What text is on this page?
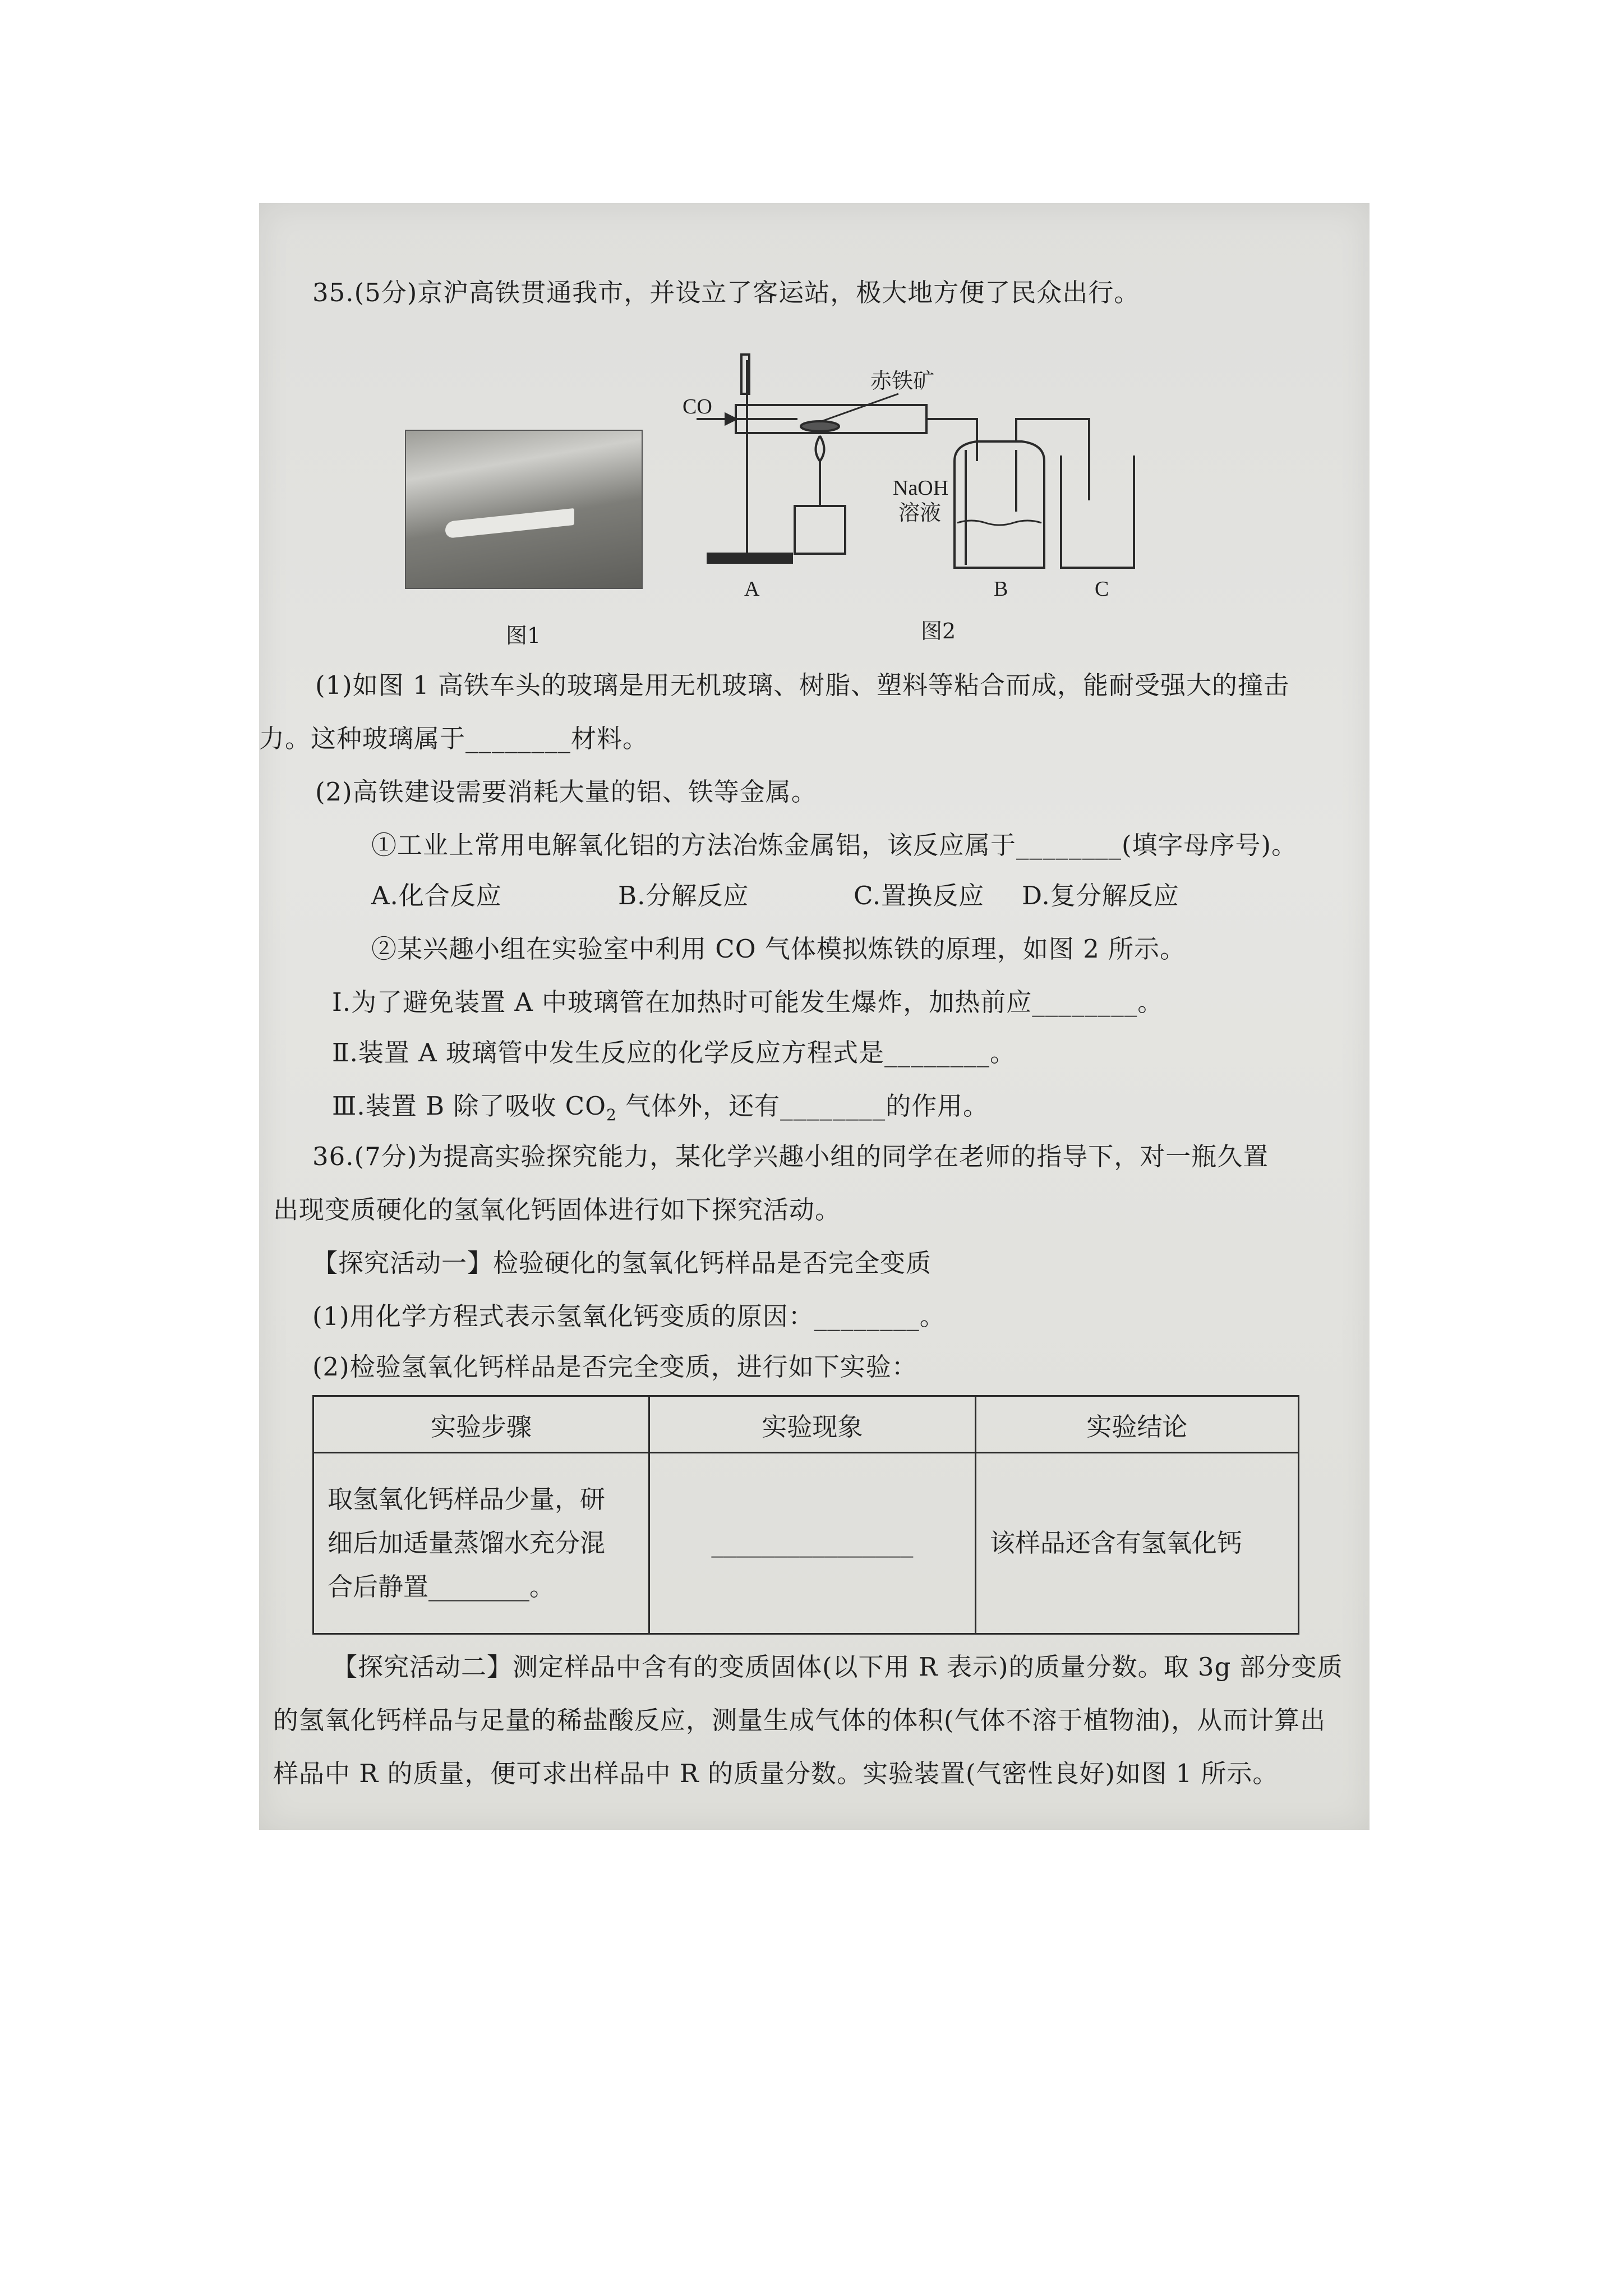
35.(5分)京沪高铁贯通我市，并设立了客运站，极大地方便了民众出行。
图1
CO
赤铁矿
NaOH
溶液
A	B	C
图2
(1)如图 1 高铁车头的玻璃是用无机玻璃、树脂、塑料等粘合而成，能耐受强大的撞击
力。这种玻璃属于________材料。
(2)高铁建设需要消耗大量的铝、铁等金属。
①工业上常用电解氧化铝的方法冶炼金属铝，该反应属于________(填字母序号)。
A.化合反应	B.分解反应	C.置换反应 D.复分解反应
②某兴趣小组在实验室中利用 CO 气体模拟炼铁的原理，如图 2 所示。
Ⅰ.为了避免装置 A 中玻璃管在加热时可能发生爆炸，加热前应________。
Ⅱ.装置 A 玻璃管中发生反应的化学反应方程式是________。
Ⅲ.装置 B 除了吸收 $CO_2$ 气体外，还有________的作用。
36.(7分)为提高实验探究能力，某化学兴趣小组的同学在老师的指导下，对一瓶久置
出现变质硬化的氢氧化钙固体进行如下探究活动。
【探究活动一】检验硬化的氢氧化钙样品是否完全变质
(1)用化学方程式表示氢氧化钙变质的原因：________。
(2)检验氢氧化钙样品是否完全变质，进行如下实验：
实验步骤	实验现象	实验结论

取氢氧化钙样品少量，研
细后加适量蒸馏水充分混
合后静置________。	________________	该样品还含有氢氧化钙
【探究活动二】测定样品中含有的变质固体(以下用 R 表示)的质量分数。取 3g 部分变质
的氢氧化钙样品与足量的稀盐酸反应，测量生成气体的体积(气体不溶于植物油)，从而计算出
样品中 R 的质量，便可求出样品中 R 的质量分数。实验装置(气密性良好)如图 1 所示。
